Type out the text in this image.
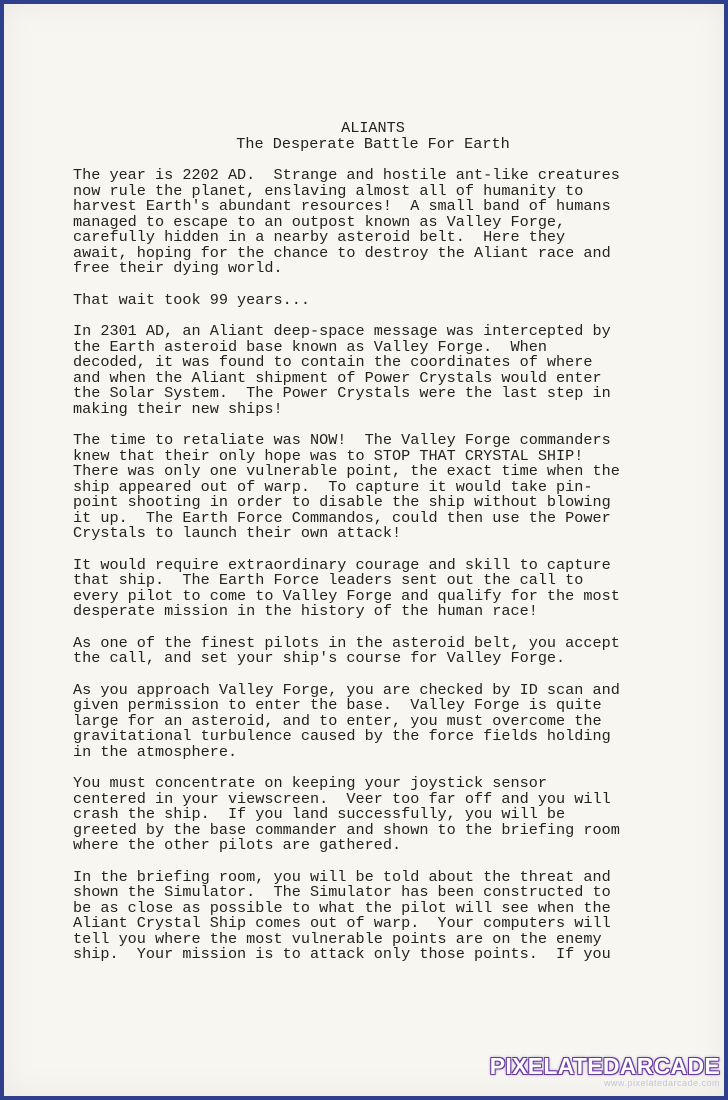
ALIANTS

The Desperate Battle For Earth

The year is 2202 AD.  Strange and hostile ant-like creatures
now rule the planet, enslaving almost all of humanity to
harvest Earth's abundant resources!  A small band of humans
managed to escape to an outpost known as Valley Forge,
carefully hidden in a nearby asteroid belt.  Here they
await, hoping for the chance to destroy the Aliant race and
free their dying world.

That wait took 99 years...

In 2301 AD, an Aliant deep-space message was intercepted by
the Earth asteroid base known as Valley Forge.  When
decoded, it was found to contain the coordinates of where
and when the Aliant shipment of Power Crystals would enter
the Solar System.  The Power Crystals were the last step in
making their new ships!

The time to retaliate was NOW!  The Valley Forge commanders
knew that their only hope was to STOP THAT CRYSTAL SHIP!
There was only one vulnerable point, the exact time when the
ship appeared out of warp.  To capture it would take pin-
point shooting in order to disable the ship without blowing
it up.  The Earth Force Commandos, could then use the Power
Crystals to launch their own attack!

It would require extraordinary courage and skill to capture
that ship.  The Earth Force leaders sent out the call to
every pilot to come to Valley Forge and qualify for the most
desperate mission in the history of the human race!

As one of the finest pilots in the asteroid belt, you accept
the call, and set your ship's course for Valley Forge.

As you approach Valley Forge, you are checked by ID scan and
given permission to enter the base.  Valley Forge is quite
large for an asteroid, and to enter, you must overcome the
gravitational turbulence caused by the force fields holding
in the atmosphere.

You must concentrate on keeping your joystick sensor
centered in your viewscreen.  Veer too far off and you will
crash the ship.  If you land successfully, you will be
greeted by the base commander and shown to the briefing room
where the other pilots are gathered.

In the briefing room, you will be told about the threat and
shown the Simulator.  The Simulator has been constructed to
be as close as possible to what the pilot will see when the
Aliant Crystal Ship comes out of warp.  Your computers will
tell you where the most vulnerable points are on the enemy
ship.  Your mission is to attack only those points.  If you

PIXELATEDARCADE
www.pixelatedarcade.com
